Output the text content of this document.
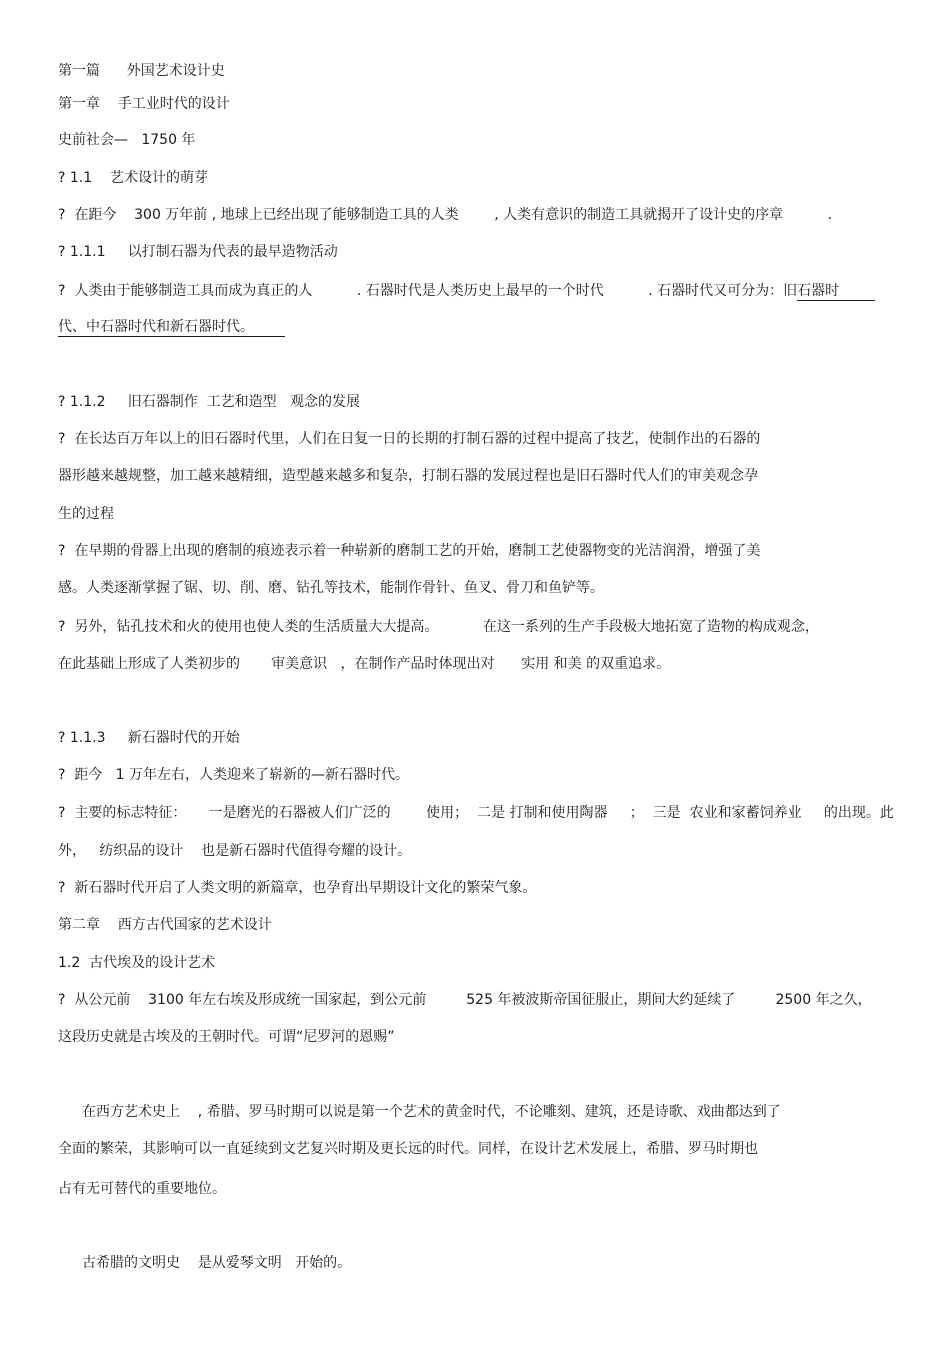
第一篇      外国艺术设计史
第一章    手工业时代的设计
史前社会—   1750 年
? 1.1    艺术设计的萌芽
?  在距今    300 万年前 , 地球上已经出现了能够制造工具的人类        , 人类有意识的制造工具就揭开了设计史的序章          .
? 1.1.1     以打制石器为代表的最早造物活动
?  人类由于能够制造工具而成为真正的人          . 石器时代是人类历史上最早的一个时代          . 石器时代又可分为：旧石器时
代、中石器时代和新石器时代。
? 1.1.2     旧石器制作  工艺和造型   观念的发展
?  在长达百万年以上的旧石器时代里，人们在日复一日的长期的打制石器的过程中提高了技艺，使制作出的石器的
器形越来越规整，加工越来越精细，造型越来越多和复杂，打制石器的发展过程也是旧石器时代人们的审美观念孕
生的过程
?  在早期的骨器上出现的磨制的痕迹表示着一种崭新的磨制工艺的开始，磨制工艺使器物变的光洁润滑，增强了美
感。人类逐渐掌握了锯、切、削、磨、钻孔等技术，能制作骨针、鱼叉、骨刀和鱼铲等。
?  另外，钻孔技术和火的使用也使人类的生活质量大大提高。          在这一系列的生产手段极大地拓宽了造物的构成观念，
在此基础上形成了人类初步的       审美意识   ，在制作产品时体现出对      实用 和美 的双重追求。
? 1.1.3     新石器时代的开始
?  距今   1 万年左右，人类迎来了崭新的—新石器时代。
?  主要的标志特征：     一是磨光的石器被人们广泛的        使用；  二是 打制和使用陶器     ；  三是  农业和家蓄饲养业     的出现。此
外，   纺织品的设计    也是新石器时代值得夸耀的设计。
?  新石器时代开启了人类文明的新篇章，也孕育出早期设计文化的繁荣气象。
第二章    西方古代国家的艺术设计
1.2  古代埃及的设计艺术
?  从公元前    3100 年左右埃及形成统一国家起，到公元前         525 年被波斯帝国征服止，期间大约延续了         2500 年之久，
这段历史就是古埃及的王朝时代。可谓“尼罗河的恩赐”
在西方艺术史上    , 希腊、罗马时期可以说是第一个艺术的黄金时代，不论雕刻、建筑，还是诗歌、戏曲都达到了
全面的繁荣，其影响可以一直延续到文艺复兴时期及更长远的时代。同样，在设计艺术发展上，希腊、罗马时期也
占有无可替代的重要地位。
古希腊的文明史    是从爱琴文明   开始的。
